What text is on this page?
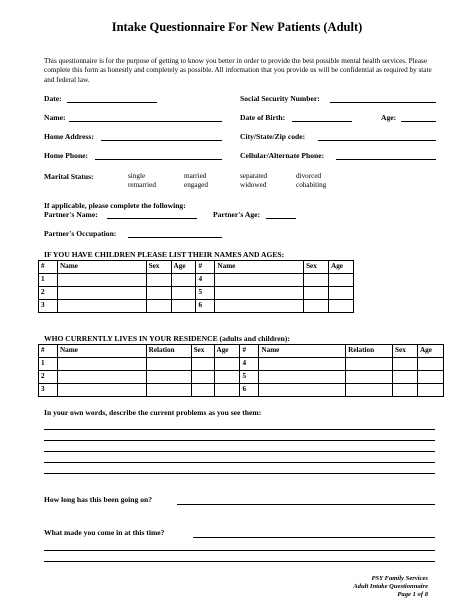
Intake Questionnaire For New Patients (Adult)
This questionnaire is for the purpose of getting to know you better in order to provide the best possible mental health services. Please complete this form as honestly and completely as possible. All information that you provide us will be confidential as required by state and federal law.
Date:	Social Security Number:
Name:	Date of Birth:	Age:
Home Address:	City/State/Zip code:
Home Phone:	Cellular/Alternate Phone:
Marital Status:	single	married	separated	divorced
remarried	engaged	widowed	cohabiting
If applicable, please complete the following:
Partner's Name:	Partner's Age:
Partner's Occupation:
IF YOU HAVE CHILDREN PLEASE LIST THEIR NAMES AND AGES:
#	Name	Sex	Age	#	Name	Sex	Age
1				4			
2				5			
3				6			
WHO CURRENTLY LIVES IN YOUR RESIDENCE (adults and children):
#	Name	Relation	Sex	Age	#	Name	Relation	Sex	Age
1					4				
2					5				
3					6				
In your own words, describe the current problems as you see them:
How long has this been going on?
What made you come in at this time?
PSY Family Services
Adult Intake Questionnaire
Page 1 of 8
